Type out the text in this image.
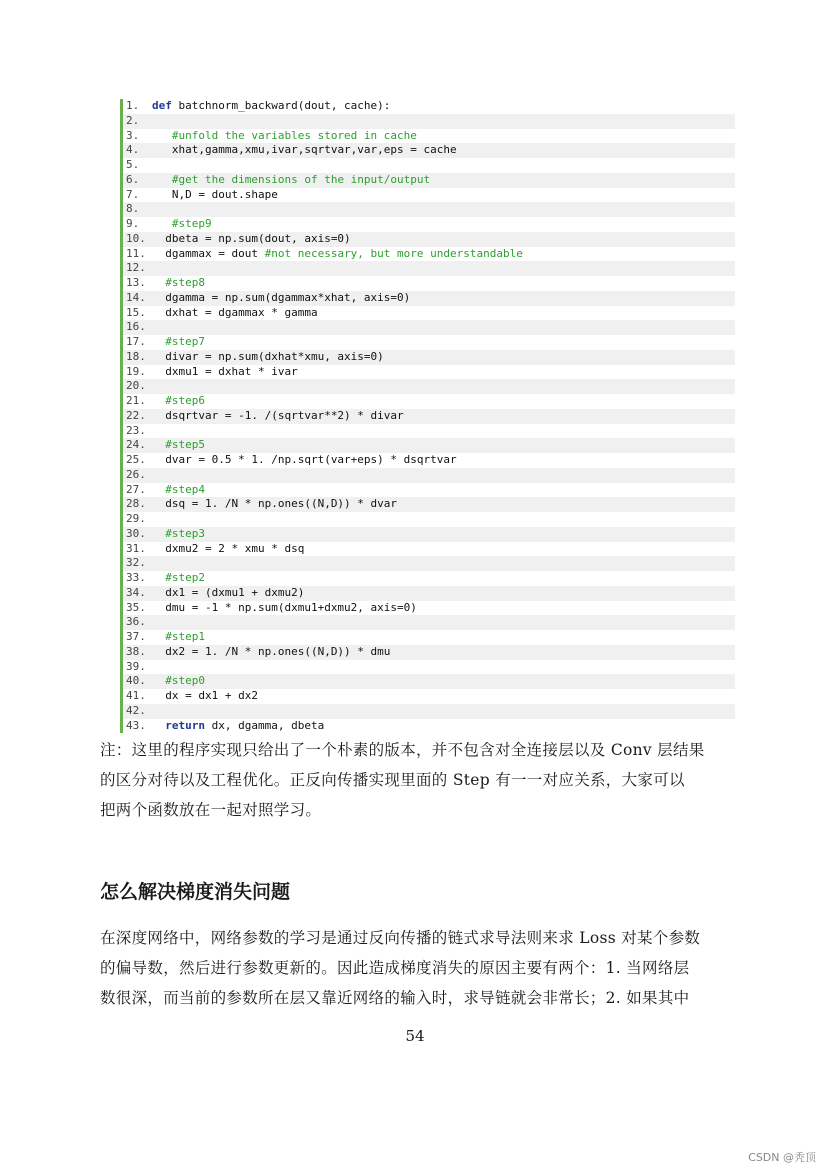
1. def batchnorm_backward(dout, cache):
2.
3.	#unfold the variables stored in cache
4.	xhat,gamma,xmu,ivar,sqrtvar,var,eps = cache
5.
6.	#get the dimensions of the input/output
7.	N,D = dout.shape
8.
9.	#step9
10. dbeta = np.sum(dout, axis=0)
11. dgammax = dout #not necessary, but more understandable
12.
13. #step8
14. dgamma = np.sum(dgammax*xhat, axis=0)
15. dxhat = dgammax * gamma
16.
17. #step7
18. divar = np.sum(dxhat*xmu, axis=0)
19. dxmu1 = dxhat * ivar
20.
21. #step6
22. dsqrtvar = -1. /(sqrtvar**2) * divar
23.
24. #step5
25. dvar = 0.5 * 1. /np.sqrt(var+eps) * dsqrtvar
26.
27. #step4
28. dsq = 1. /N * np.ones((N,D)) * dvar
29.
30. #step3
31. dxmu2 = 2 * xmu * dsq
32.
33. #step2
34. dx1 = (dxmu1 + dxmu2)
35. dmu = -1 * np.sum(dxmu1+dxmu2, axis=0)
36.
37. #step1
38. dx2 = 1. /N * np.ones((N,D)) * dmu
39.
40. #step0
41. dx = dx1 + dx2
42.
43. return dx, dgamma, dbeta
注：这里的程序实现只给出了一个朴素的版本，并不包含对全连接层以及 Conv 层结果
的区分对待以及工程优化。正反向传播实现里面的 Step 有一一对应关系，大家可以
把两个函数放在一起对照学习。
怎么解决梯度消失问题
在深度网络中，网络参数的学习是通过反向传播的链式求导法则来求 Loss 对某个参数
的偏导数，然后进行参数更新的。因此造成梯度消失的原因主要有两个：1. 当网络层
数很深，而当前的参数所在层又靠近网络的输入时，求导链就会非常长；2. 如果其中
54
CSDN @秃顶
